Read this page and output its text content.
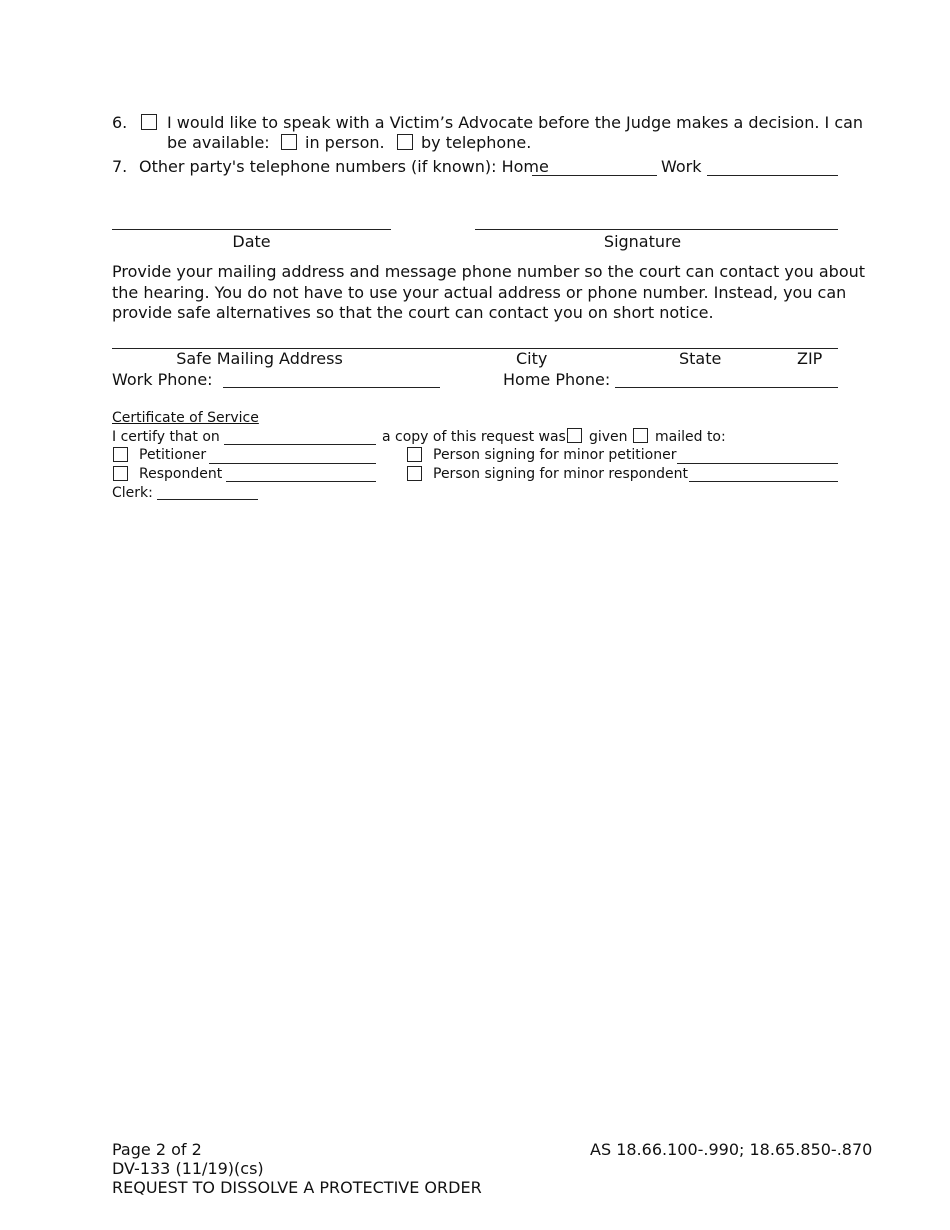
6. I would like to speak with a Victim’s Advocate before the Judge makes a decision. I can
be available: in person. by telephone.
7. Other party's telephone numbers (if known): Home	Work
Date	Signature
Provide your mailing address and message phone number so the court can contact you about
the hearing. You do not have to use your actual address or phone number. Instead, you can
provide safe alternatives so that the court can contact you on short notice.
Safe Mailing Address	City	State	ZIP
Work Phone:	Home Phone:
Certificate of Service
I certify that on	a copy of this request was given mailed to:
Petitioner	Person signing for minor petitioner
Respondent	Person signing for minor respondent
Clerk:
Page 2 of 2
DV-133 (11/19)(cs)
REQUEST TO DISSOLVE A PROTECTIVE ORDER
AS 18.66.100-.990; 18.65.850-.870
